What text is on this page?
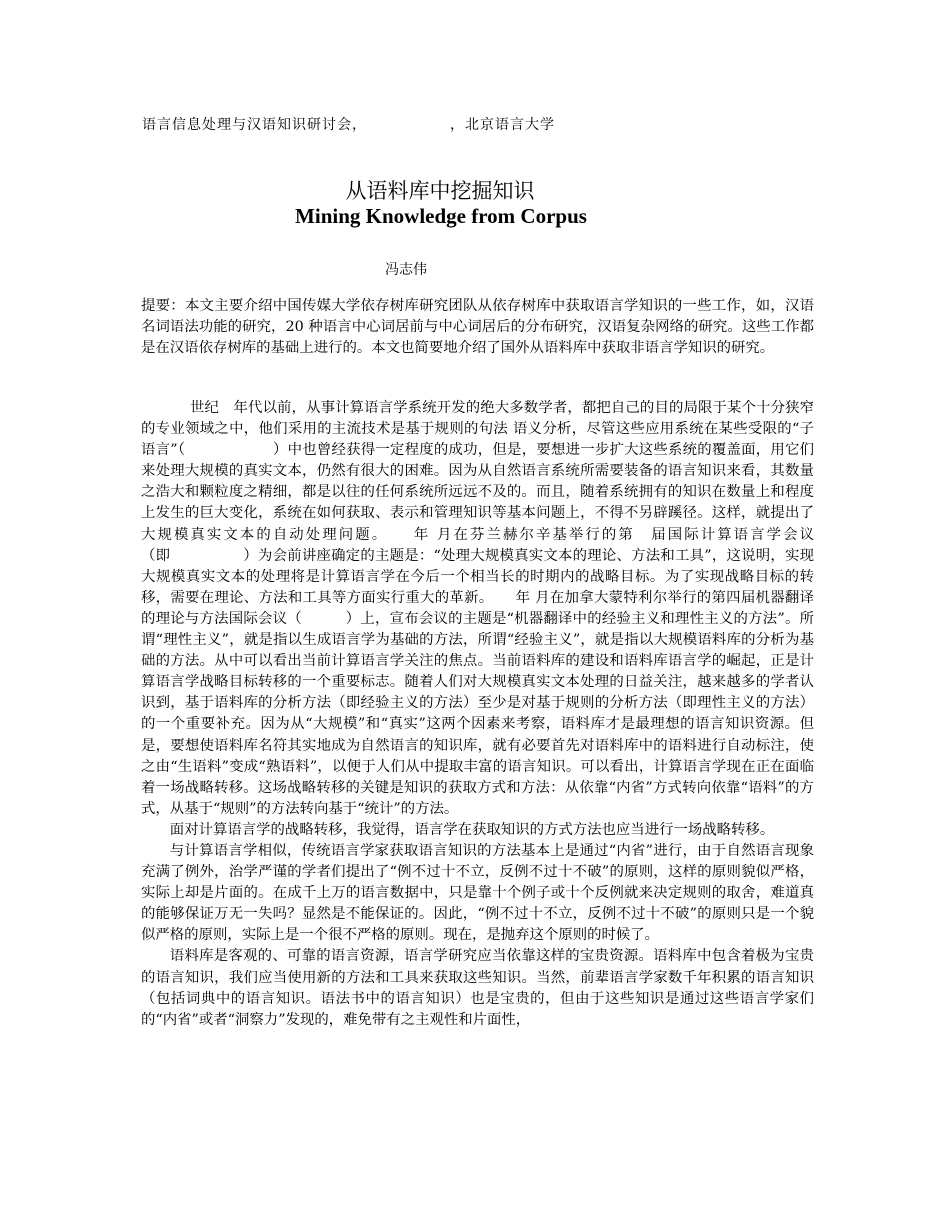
语言信息处理与汉语知识研讨会，　　　　　　，北京语言大学
从语料库中挖掘知识
Mining Knowledge from Corpus
冯志伟
提要：本文主要介绍中国传媒大学依存树库研究团队从依存树库中获取语言学知识的一些工作，如，汉语名词语法功能的研究，20 种语言中心词居前与中心词居后的分布研究，汉语复杂网络的研究。这些工作都是在汉语依存树库的基础上进行的。本文也简要地介绍了国外从语料库中获取非语言学知识的研究。

世纪　年代以前，从事计算语言学系统开发的绝大多数学者，都把自己的目的局限于某个十分狭窄的专业领域之中，他们采用的主流技术是基于规则的句法 语义分析，尽管这些应用系统在某些受限的“子语言”（　　　　　　）中也曾经获得一定程度的成功，但是，要想进一步扩大这些系统的覆盖面，用它们来处理大规模的真实文本，仍然有很大的困难。因为从自然语言系统所需要装备的语言知识来看，其数量之浩大和颗粒度之精细，都是以往的任何系统所远远不及的。而且，随着系统拥有的知识在数量上和程度上发生的巨大变化，系统在如何获取、表示和管理知识等基本问题上，不得不另辟蹊径。这样，就提出了大规模真实文本的自动处理问题。　　年 月在芬兰赫尔辛基举行的第　届国际计算语言学会议（即　　　　　）为会前讲座确定的主题是：“处理大规模真实文本的理论、方法和工具”，这说明，实现大规模真实文本的处理将是计算语言学在今后一个相当长的时期内的战略目标。为了实现战略目标的转移，需要在理论、方法和工具等方面实行重大的革新。　　年 月在加拿大蒙特利尔举行的第四届机器翻译的理论与方法国际会议（　　　）上，宣布会议的主题是“机器翻译中的经验主义和理性主义的方法”。所谓“理性主义”，就是指以生成语言学为基础的方法，所谓“经验主义”，就是指以大规模语料库的分析为基础的方法。从中可以看出当前计算语言学关注的焦点。当前语料库的建设和语料库语言学的崛起，正是计算语言学战略目标转移的一个重要标志。随着人们对大规模真实文本处理的日益关注，越来越多的学者认识到，基于语料库的分析方法（即经验主义的方法）至少是对基于规则的分析方法（即理性主义的方法）的一个重要补充。因为从“大规模”和“真实”这两个因素来考察，语料库才是最理想的语言知识资源。但是，要想使语料库名符其实地成为自然语言的知识库，就有必要首先对语料库中的语料进行自动标注，使之由“生语料”变成“熟语料”，以便于人们从中提取丰富的语言知识。可以看出，计算语言学现在正在面临着一场战略转移。这场战略转移的关键是知识的获取方式和方法：从依靠“内省”方式转向依靠“语料”的方式，从基于“规则”的方法转向基于“统计”的方法。

面对计算语言学的战略转移，我觉得，语言学在获取知识的方式方法也应当进行一场战略转移。

与计算语言学相似，传统语言学家获取语言知识的方法基本上是通过“内省”进行，由于自然语言现象充满了例外，治学严谨的学者们提出了“例不过十不立，反例不过十不破”的原则，这样的原则貌似严格，实际上却是片面的。在成千上万的语言数据中，只是靠十个例子或十个反例就来决定规则的取舍，难道真的能够保证万无一失吗？显然是不能保证的。因此，“例不过十不立，反例不过十不破”的原则只是一个貌似严格的原则，实际上是一个很不严格的原则。现在，是抛弃这个原则的时候了。

语料库是客观的、可靠的语言资源，语言学研究应当依靠这样的宝贵资源。语料库中包含着极为宝贵的语言知识，我们应当使用新的方法和工具来获取这些知识。当然，前辈语言学家数千年积累的语言知识（包括词典中的语言知识。语法书中的语言知识）也是宝贵的，但由于这些知识是通过这些语言学家们的“内省”或者“洞察力”发现的，难免带有之主观性和片面性，
